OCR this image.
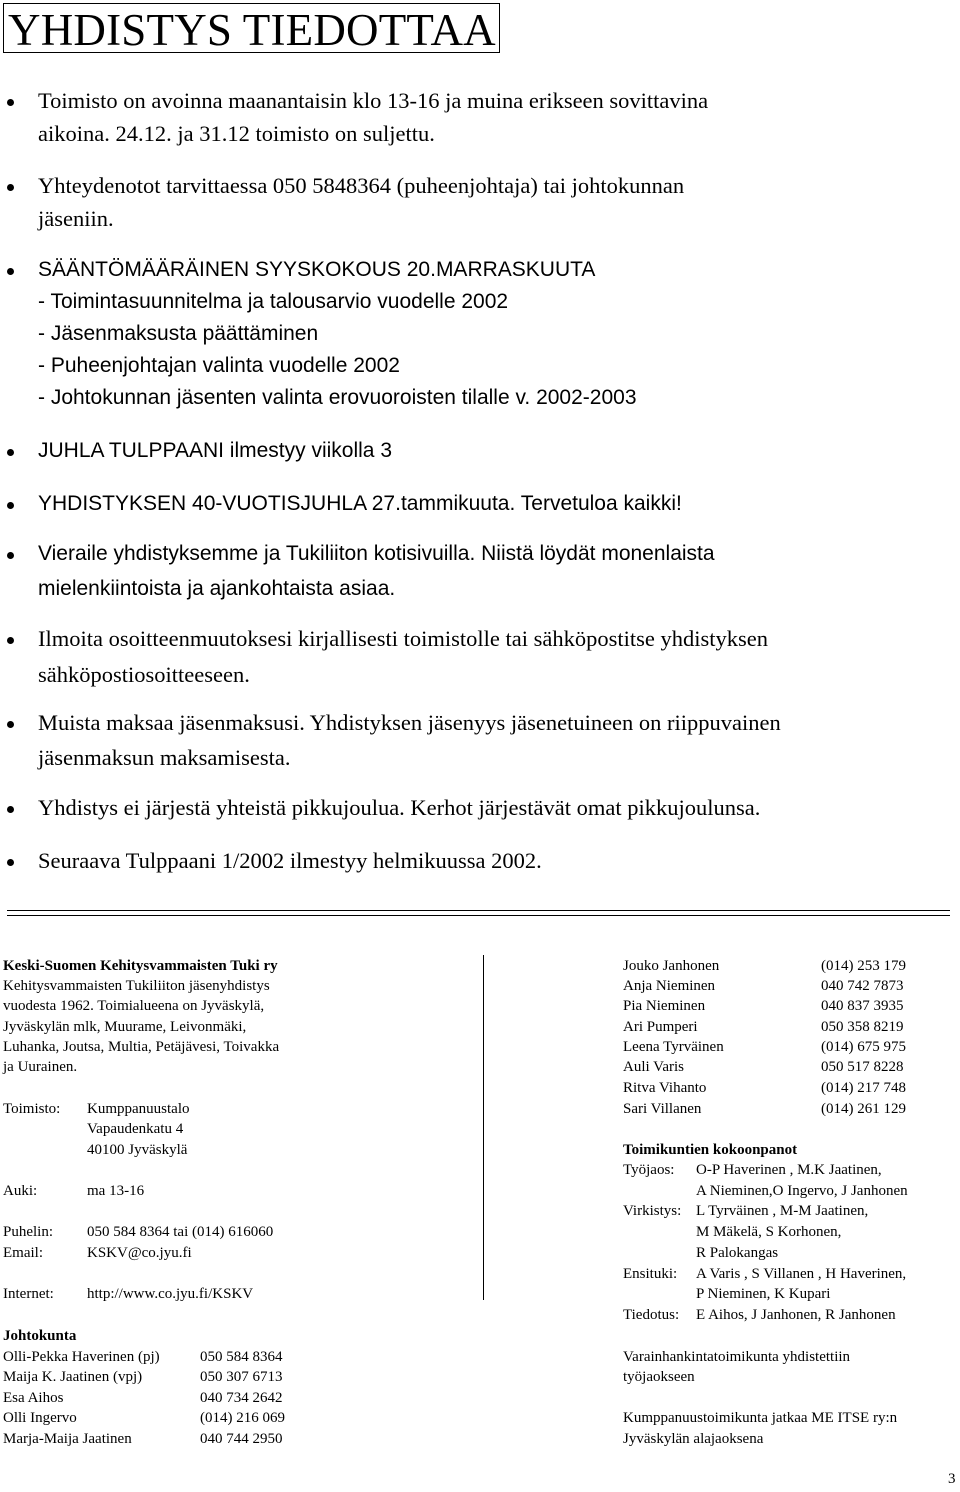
YHDISTYS TIEDOTTAA
Toimisto on avoinna maanantaisin klo 13-16 ja muina erikseen sovittavina
aikoina. 24.12. ja 31.12 toimisto on suljettu.
Yhteydenotot tarvittaessa 050 5848364 (puheenjohtaja) tai johtokunnan
jäseniin.
SÄÄNTÖMÄÄRÄINEN SYYSKOKOUS 20.MARRASKUUTA
- Toimintasuunnitelma ja talousarvio vuodelle 2002
- Jäsenmaksusta päättäminen
- Puheenjohtajan valinta vuodelle 2002
- Johtokunnan jäsenten valinta erovuoroisten tilalle v. 2002-2003
JUHLA TULPPAANI ilmestyy viikolla 3
YHDISTYKSEN 40-VUOTISJUHLA 27.tammikuuta. Tervetuloa kaikki!
Vieraile yhdistyksemme ja Tukiliiton kotisivuilla. Niistä löydät monenlaista
mielenkiintoista ja ajankohtaista asiaa.
Ilmoita osoitteenmuutoksesi kirjallisesti toimistolle tai sähköpostitse yhdistyksen
sähköpostiosoitteeseen.
Muista maksaa jäsenmaksusi. Yhdistyksen jäsenyys jäsenetuineen on riippuvainen
jäsenmaksun maksamisesta.
Yhdistys ei järjestä yhteistä pikkujoulua. Kerhot järjestävät omat pikkujoulunsa.
Seuraava Tulppaani 1/2002 ilmestyy helmikuussa 2002.
Keski-Suomen Kehitysvammaisten Tuki ry
Kehitysvammaisten Tukiliiton jäsenyhdistys
vuodesta 1962. Toimialueena on Jyväskylä,
Jyväskylän mlk, Muurame, Leivonmäki,
Luhanka, Joutsa, Multia, Petäjävesi, Toivakka
ja Uurainen.
Toimisto: Kumppanuustalo
Vapaudenkatu 4
40100 Jyväskylä
Auki:	ma 13-16
Puhelin: 050 584 8364 tai (014) 616060
Email:	KSKV@co.jyu.fi
Internet: http://www.co.jyu.fi/KSKV
Johtokunta
Olli-Pekka Haverinen (pj)	050 584 8364
Maija K. Jaatinen (vpj)	050 307 6713
Esa Aihos	040 734 2642
Olli Ingervo	(014) 216 069
Marja-Maija Jaatinen	040 744 2950
Jouko Janhonen	(014) 253 179
Anja Nieminen	040 742 7873
Pia Nieminen	040 837 3935
Ari Pumperi	050 358 8219
Leena Tyrväinen	(014) 675 975
Auli Varis	050 517 8228
Ritva Vihanto	(014) 217 748
Sari Villanen	(014) 261 129
Toimikuntien kokoonpanot
Työjaos: O-P Haverinen , M.K Jaatinen,
A Nieminen,O Ingervo, J Janhonen
Virkistys: L Tyrväinen , M-M Jaatinen,
M Mäkelä, S Korhonen,
R Palokangas
Ensituki: A Varis , S Villanen , H Haverinen,
P Nieminen, K Kupari
Tiedotus: E Aihos, J Janhonen, R Janhonen
Varainhankintatoimikunta yhdistettiin
työjaokseen
Kumppanuustoimikunta jatkaa ME ITSE ry:n
Jyväskylän alajaoksena
3
